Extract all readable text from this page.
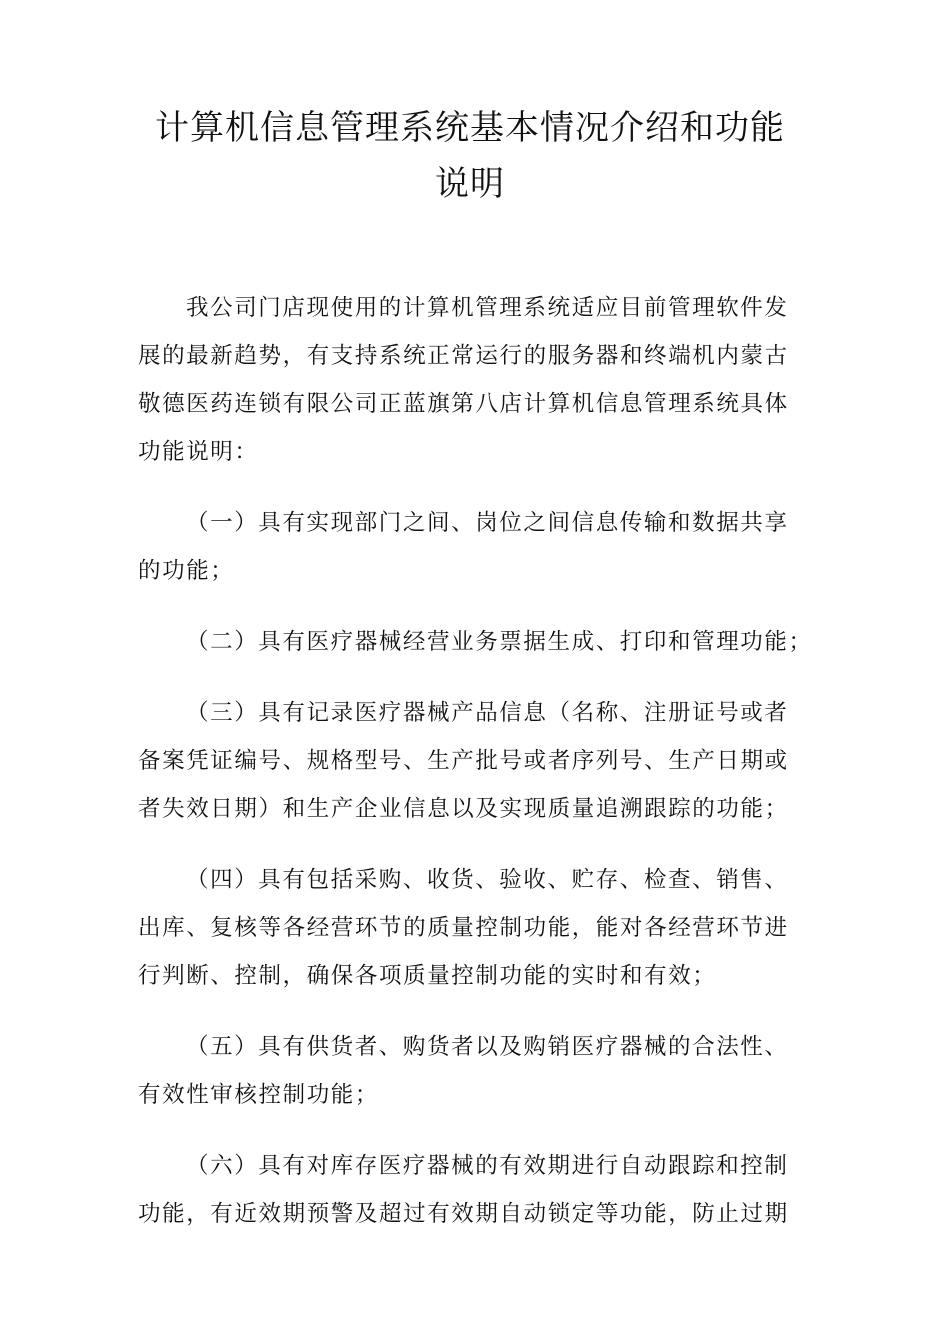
计算机信息管理系统基本情况介绍和功能
说明

我公司门店现使用的计算机管理系统适应目前管理软件发
展的最新趋势，有支持系统正常运行的服务器和终端机内蒙古
敬德医药连锁有限公司正蓝旗第八店计算机信息管理系统具体
功能说明：

（一）具有实现部门之间、岗位之间信息传输和数据共享
的功能；

（二）具有医疗器械经营业务票据生成、打印和管理功能；

（三）具有记录医疗器械产品信息（名称、注册证号或者
备案凭证编号、规格型号、生产批号或者序列号、生产日期或
者失效日期）和生产企业信息以及实现质量追溯跟踪的功能；

（四）具有包括采购、收货、验收、贮存、检查、销售、
出库、复核等各经营环节的质量控制功能，能对各经营环节进
行判断、控制，确保各项质量控制功能的实时和有效；

（五）具有供货者、购货者以及购销医疗器械的合法性、
有效性审核控制功能；

（六）具有对库存医疗器械的有效期进行自动跟踪和控制
功能，有近效期预警及超过有效期自动锁定等功能，防止过期
